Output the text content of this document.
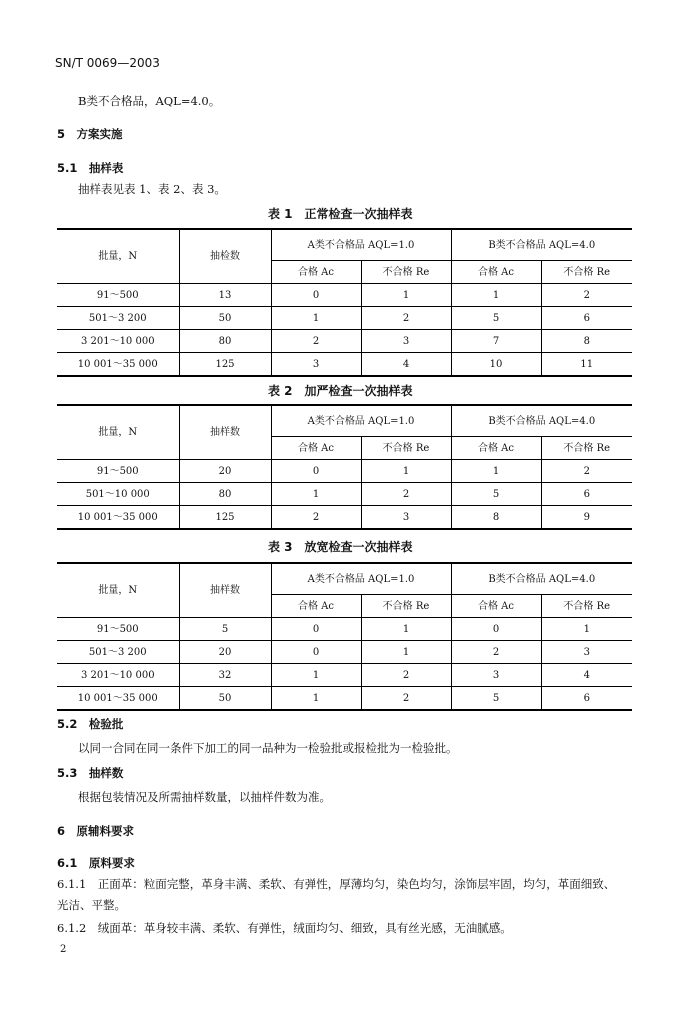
SN/T 0069—2003
B类不合格品，AQL=4.0。
5　方案实施
5.1　抽样表
抽样表见表 1、表 2、表 3。
表 1　正常检查一次抽样表
批量，N	抽检数	A类不合格品 AQL=1.0		B类不合格品 AQL=4.0	
		合格 Ac	不合格 Re	合格 Ac	不合格 Re
91～500	13	0	1	1	2
501～3 200	50	1	2	5	6
3 201～10 000	80	2	3	7	8
10 001～35 000	125	3	4	10	11
表 2　加严检查一次抽样表
批量，N	抽样数	A类不合格品 AQL=1.0		B类不合格品 AQL=4.0	
		合格 Ac	不合格 Re	合格 Ac	不合格 Re
91～500	20	0	1	1	2
501～10 000	80	1	2	5	6
10 001～35 000	125	2	3	8	9
表 3　放宽检查一次抽样表
批量，N	抽样数	A类不合格品 AQL=1.0		B类不合格品 AQL=4.0	
		合格 Ac	不合格 Re	合格 Ac	不合格 Re
91～500	5	0	1	0	1
501～3 200	20	0	1	2	3
3 201～10 000	32	1	2	3	4
10 001～35 000	50	1	2	5	6
5.2　检验批
以同一合同在同一条件下加工的同一品种为一检验批或报检批为一检验批。
5.3　抽样数
根据包装情况及所需抽样数量，以抽样件数为准。
6　原辅料要求
6.1　原料要求
6.1.1　正面革：粒面完整，革身丰满、柔软、有弹性，厚薄均匀，染色均匀，涂饰层牢固，均匀，革面细致、
光洁、平整。
6.1.2　绒面革：革身较丰满、柔软、有弹性，绒面均匀、细致，具有丝光感，无油腻感。
2
